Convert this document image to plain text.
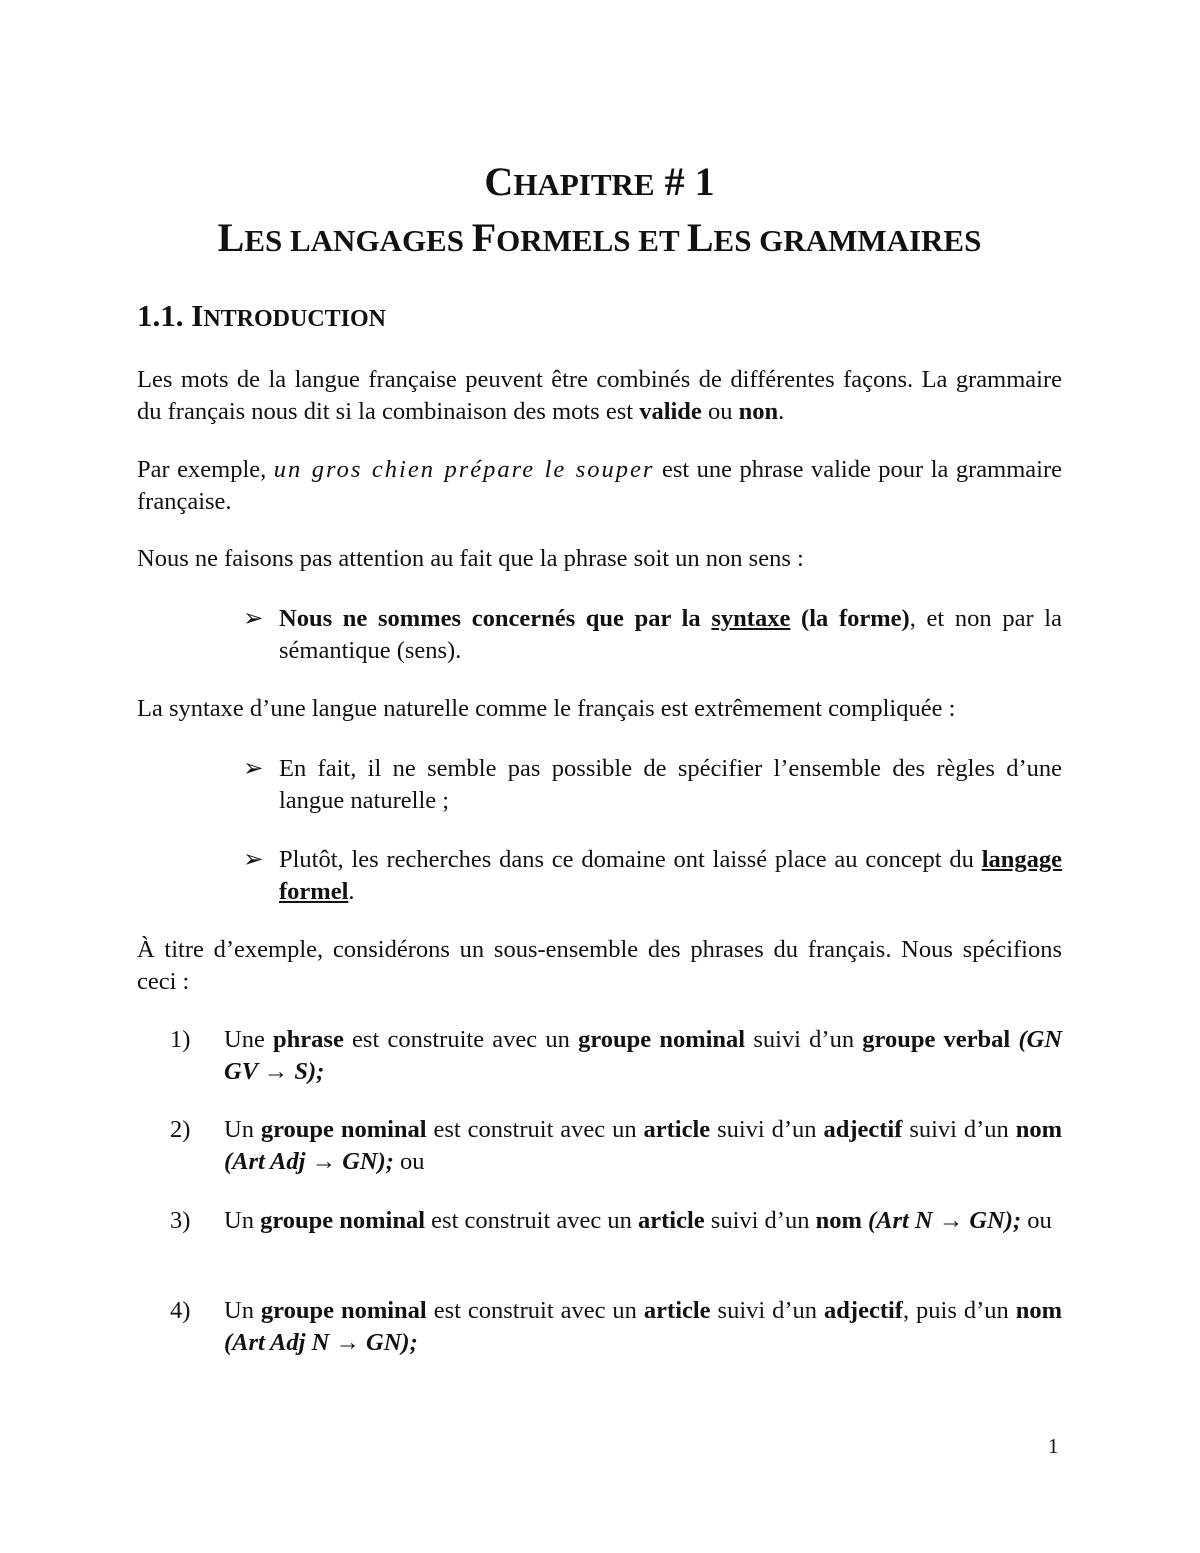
CHAPITRE # 1
LES LANGAGES FORMELS ET LES GRAMMAIRES
1.1. INTRODUCTION

Les mots de la langue française peuvent être combinés de différentes façons. La grammaire du français nous dit si la combinaison des mots est valide ou non.

Par exemple, un gros chien prépare le souper est une phrase valide pour la grammaire française.

Nous ne faisons pas attention au fait que la phrase soit un non sens :

➢ Nous ne sommes concernés que par la syntaxe (la forme), et non par la sémantique (sens).

La syntaxe d’une langue naturelle comme le français est extrêmement compliquée :

➢ En fait, il ne semble pas possible de spécifier l’ensemble des règles d’une langue naturelle ;
➢ Plutôt, les recherches dans ce domaine ont laissé place au concept du langage formel.

À titre d’exemple, considérons un sous-ensemble des phrases du français. Nous spécifions ceci :

1)	Une phrase est construite avec un groupe nominal suivi d’un groupe verbal (GN GV → S);
2)	Un groupe nominal est construit avec un article suivi d’un adjectif suivi d’un nom (Art Adj → GN); ou
3)	Un groupe nominal est construit avec un article suivi d’un nom (Art N → GN); ou
4)	Un groupe nominal est construit avec un article suivi d’un adjectif, puis d’un nom (Art Adj N → GN);
1
